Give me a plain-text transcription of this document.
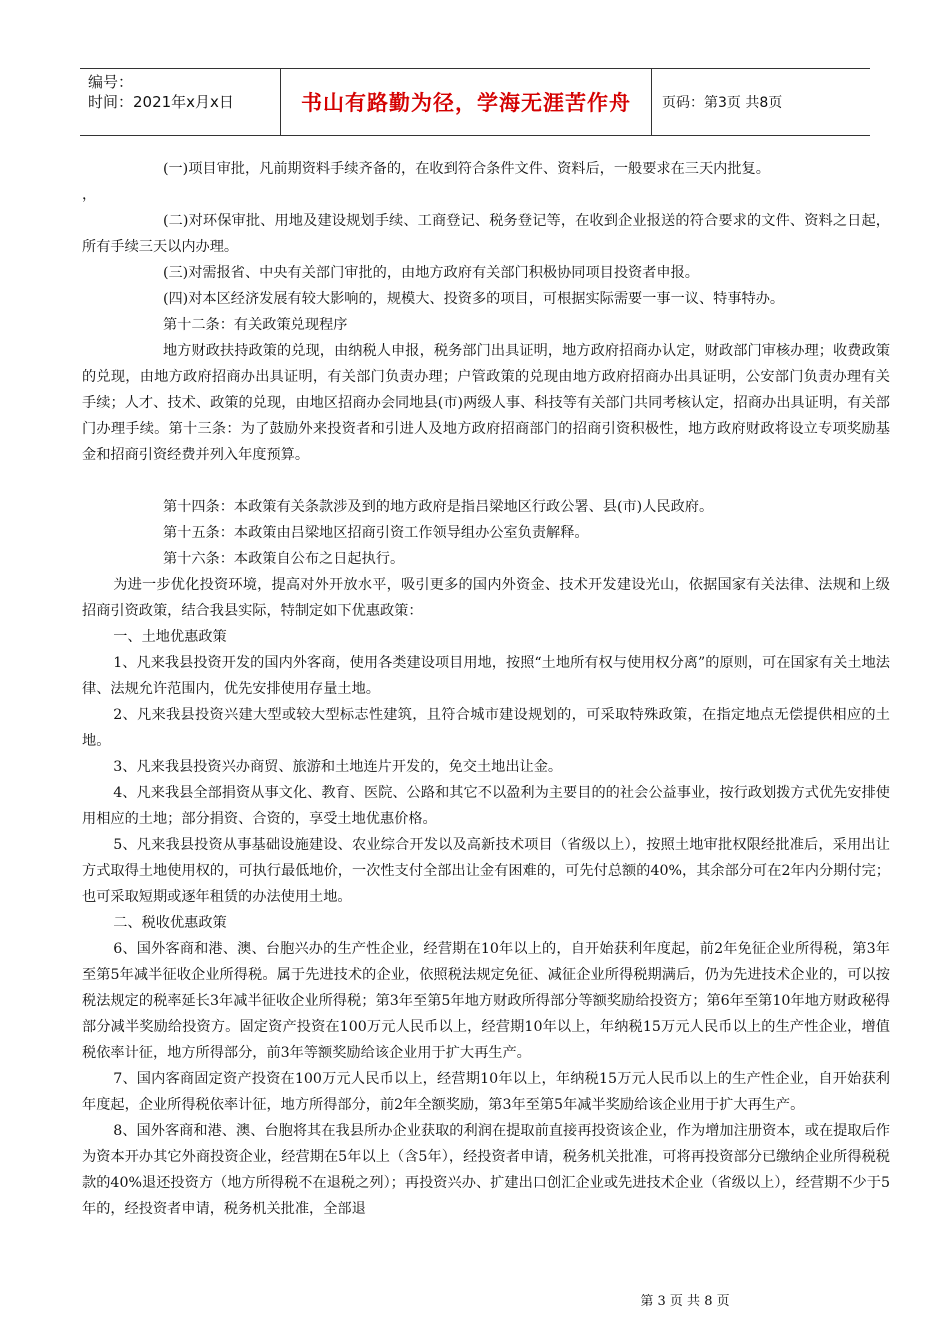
编号：
时间：2021年x月x日	书山有路勤为径，学海无涯苦作舟 页码：第3页 共8页

(一)项目审批，凡前期资料手续齐备的，在收到符合条件文件、资料后，一般要求在三天内批复。

，

(二)对环保审批、用地及建设规划手续、工商登记、税务登记等，在收到企业报送的符合要求的文件、资料之日起，所有手续三天以内办理。

(三)对需报省、中央有关部门审批的，由地方政府有关部门积极协同项目投资者申报。

(四)对本区经济发展有较大影响的，规模大、投资多的项目，可根据实际需要一事一议、特事特办。

第十二条：有关政策兑现程序

地方财政扶持政策的兑现，由纳税人申报，税务部门出具证明，地方政府招商办认定，财政部门审核办理；收费政策的兑现，由地方政府招商办出具证明，有关部门负责办理；户管政策的兑现由地方政府招商办出具证明，公安部门负责办理有关手续；人才、技术、政策的兑现，由地区招商办会同地县(市)两级人事、科技等有关部门共同考核认定，招商办出具证明，有关部门办理手续。第十三条：为了鼓励外来投资者和引进人及地方政府招商部门的招商引资积极性，地方政府财政将设立专项奖励基金和招商引资经费并列入年度预算。

第十四条：本政策有关条款涉及到的地方政府是指吕梁地区行政公署、县(市)人民政府。

第十五条：本政策由吕梁地区招商引资工作领导组办公室负责解释。

第十六条：本政策自公布之日起执行。

为进一步优化投资环境，提高对外开放水平，吸引更多的国内外资金、技术开发建设光山，依据国家有关法律、法规和上级招商引资政策，结合我县实际，特制定如下优惠政策：

一、土地优惠政策

1、凡来我县投资开发的国内外客商，使用各类建设项目用地，按照“土地所有权与使用权分离”的原则，可在国家有关土地法律、法规允许范围内，优先安排使用存量土地。

2、凡来我县投资兴建大型或较大型标志性建筑，且符合城市建设规划的，可采取特殊政策，在指定地点无偿提供相应的土地。

3、凡来我县投资兴办商贸、旅游和土地连片开发的，免交土地出让金。

4、凡来我县全部捐资从事文化、教育、医院、公路和其它不以盈利为主要目的的社会公益事业，按行政划拨方式优先安排使用相应的土地；部分捐资、合资的，享受土地优惠价格。

5、凡来我县投资从事基础设施建设、农业综合开发以及高新技术项目（省级以上），按照土地审批权限经批准后，采用出让方式取得土地使用权的，可执行最低地价，一次性支付全部出让金有困难的，可先付总额的40%，其余部分可在2年内分期付完；也可采取短期或逐年租赁的办法使用土地。

二、税收优惠政策

6、国外客商和港、澳、台胞兴办的生产性企业，经营期在10年以上的，自开始获利年度起，前2年免征企业所得税，第3年至第5年减半征收企业所得税。属于先进技术的企业，依照税法规定免征、减征企业所得税期满后，仍为先进技术企业的，可以按税法规定的税率延长3年减半征收企业所得税；第3年至第5年地方财政所得部分等额奖励给投资方；第6年至第10年地方财政秘得部分减半奖励给投资方。固定资产投资在100万元人民币以上，经营期10年以上，年纳税15万元人民币以上的生产性企业，增值税依率计征，地方所得部分，前3年等额奖励给该企业用于扩大再生产。

7、国内客商固定资产投资在100万元人民币以上，经营期10年以上，年纳税15万元人民币以上的生产性企业，自开始获利年度起，企业所得税依率计征，地方所得部分，前2年全额奖励，第3年至第5年减半奖励给该企业用于扩大再生产。

8、国外客商和港、澳、台胞将其在我县所办企业获取的利润在提取前直接再投资该企业，作为增加注册资本，或在提取后作为资本开办其它外商投资企业，经营期在5年以上（含5年），经投资者申请，税务机关批准，可将再投资部分已缴纳企业所得税税款的40%退还投资方（地方所得税不在退税之列）；再投资兴办、扩建出口创汇企业或先进技术企业（省级以上），经营期不少于5年的，经投资者申请，税务机关批准，全部退

第 3 页 共 8 页
